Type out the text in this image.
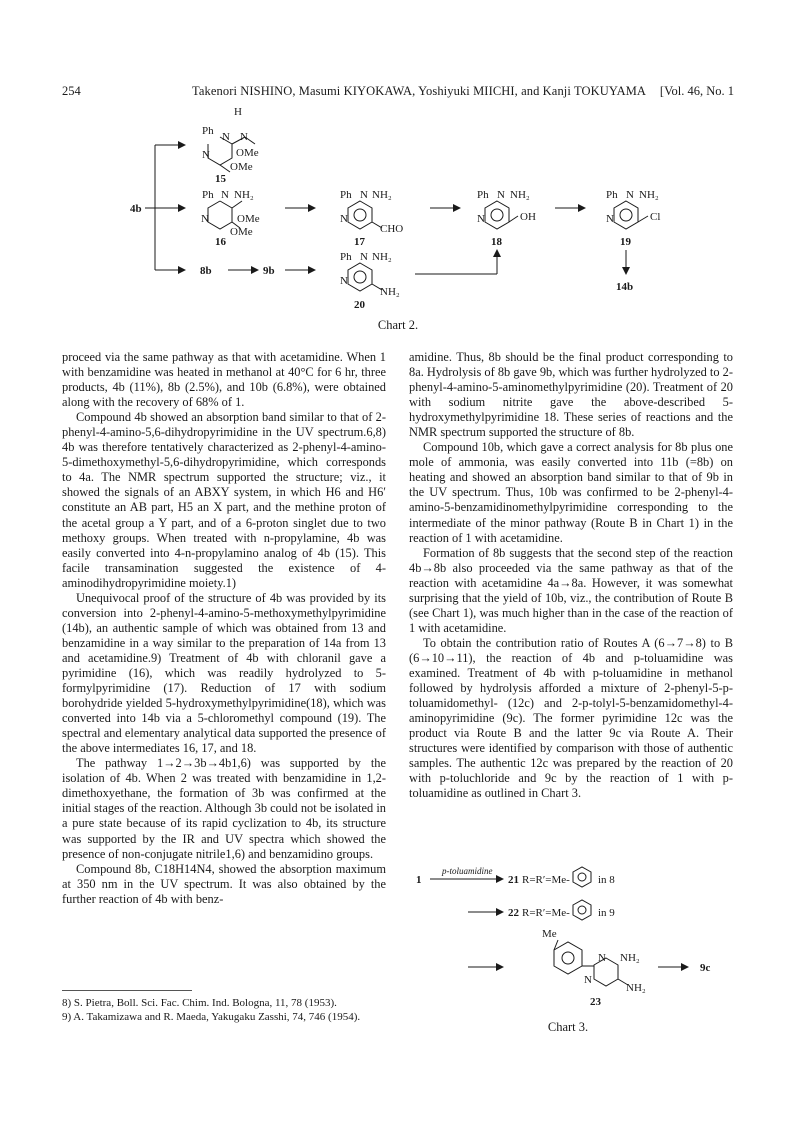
254	Takenori NISHINO, Masumi KIYOKAWA, Yoshiyuki MIICHI, and Kanji TOKUYAMA [Vol. 46, No. 1
H
Ph N N
N OMe
OMe
15
4b
Ph N NH₂
N	OMe
OMe
16
Ph N NH₂
N
CHO
17
Ph N NH₂
N	OH
18
Ph N NH₂
N	Cl
19
8b	9b
Ph N NH₂
N
NH₂
20
14b
Chart 2.

proceed via the same pathway as that with acetamidine. When 1 with benzamidine was heated in methanol at 40°C for 6 hr, three products, 4b (11%), 8b (2.5%), and 10b (6.8%), were obtained along with the recovery of 68% of 1.

Compound 4b showed an absorption band similar to that of 2-phenyl-4-amino-5,6-dihydropyrimidine in the UV spectrum.6,8) 4b was therefore tentatively characterized as 2-phenyl-4-amino-5-dimethoxymethyl-5,6-dihydropyrimidine, which corresponds to 4a. The NMR spectrum supported the structure; viz., it showed the signals of an ABXY system, in which H6 and H6′ constitute an AB part, H5 an X part, and the methine proton of the acetal group a Y part, and of a 6-proton singlet due to two methoxy groups. When treated with n-propylamine, 4b was easily converted into 4-n-propylamino analog of 4b (15). This facile transamination suggested the existence of 4-aminodihydropyrimidine moiety.1)

Unequivocal proof of the structure of 4b was provided by its conversion into 2-phenyl-4-amino-5-methoxymethylpyrimidine (14b), an authentic sample of which was obtained from 13 and benzamidine in a way similar to the preparation of 14a from 13 and acetamidine.9) Treatment of 4b with chloranil gave a pyrimidine (16), which was readily hydrolyzed to 5-formylpyrimidine (17). Reduction of 17 with sodium borohydride yielded 5-hydroxymethylpyrimidine(18), which was converted into 14b via a 5-chloromethyl compound (19). The spectral and elementary analytical data supported the presence of the above intermediates 16, 17, and 18.

The pathway 1→2→3b→4b1,6) was supported by the isolation of 4b. When 2 was treated with benzamidine in 1,2-dimethoxyethane, the formation of 3b was confirmed at the initial stages of the reaction. Although 3b could not be isolated in a pure state because of its rapid cyclization to 4b, its structure was supported by the IR and UV spectra which showed the presence of non-conjugate nitrile1,6) and benzamidino groups.

Compound 8b, C18H14N4, showed the absorption maximum at 350 nm in the UV spectrum. It was also obtained by the further reaction of 4b with benz-

amidine. Thus, 8b should be the final product corresponding to 8a. Hydrolysis of 8b gave 9b, which was further hydrolyzed to 2-phenyl-4-amino-5-aminomethylpyrimidine (20). Treatment of 20 with sodium nitrite gave the above-described 5-hydroxymethylpyrimidine 18. These series of reactions and the NMR spectrum supported the structure of 8b.

Compound 10b, which gave a correct analysis for 8b plus one mole of ammonia, was easily converted into 11b (=8b) on heating and showed an absorption band similar to that of 9b in the UV spectrum. Thus, 10b was confirmed to be 2-phenyl-4-amino-5-benzamidinomethylpyrimidine corresponding to the intermediate of the minor pathway (Route B in Chart 1) in the reaction of 1 with acetamidine.

Formation of 8b suggests that the second step of the reaction 4b→8b also proceeded via the same pathway as that of the reaction with acetamidine 4a→8a. However, it was somewhat surprising that the yield of 10b, viz., the contribution of Route B (see Chart 1), was much higher than in the case of the reaction of 1 with acetamidine.

To obtain the contribution ratio of Routes A (6→7→8) to B (6→10→11), the reaction of 4b and p-toluamidine was examined. Treatment of 4b with p-toluamidine in methanol followed by hydrolysis afforded a mixture of 2-phenyl-5-p-toluamidomethyl- (12c) and 2-p-tolyl-5-benzamidomethyl-4-aminopyrimidine (9c). The former pyrimidine 12c was the product via Route B and the latter 9c via Route A. Their structures were identified by comparison with those of authentic samples. The authentic 12c was prepared by the reaction of 20 with p-toluchloride and 9c by the reaction of 1 with p-toluamidine as outlined in Chart 3.

p-toluamidine
1	21 R=R′=Me-	in 8
22 R=R′=Me-	in 9
Me
N NH₂
N
NH₂
9c
23
Chart 3.
8) S. Pietra, Boll. Sci. Fac. Chim. Ind. Bologna, 11, 78 (1953).
9) A. Takamizawa and R. Maeda, Yakugaku Zasshi, 74, 746 (1954).
